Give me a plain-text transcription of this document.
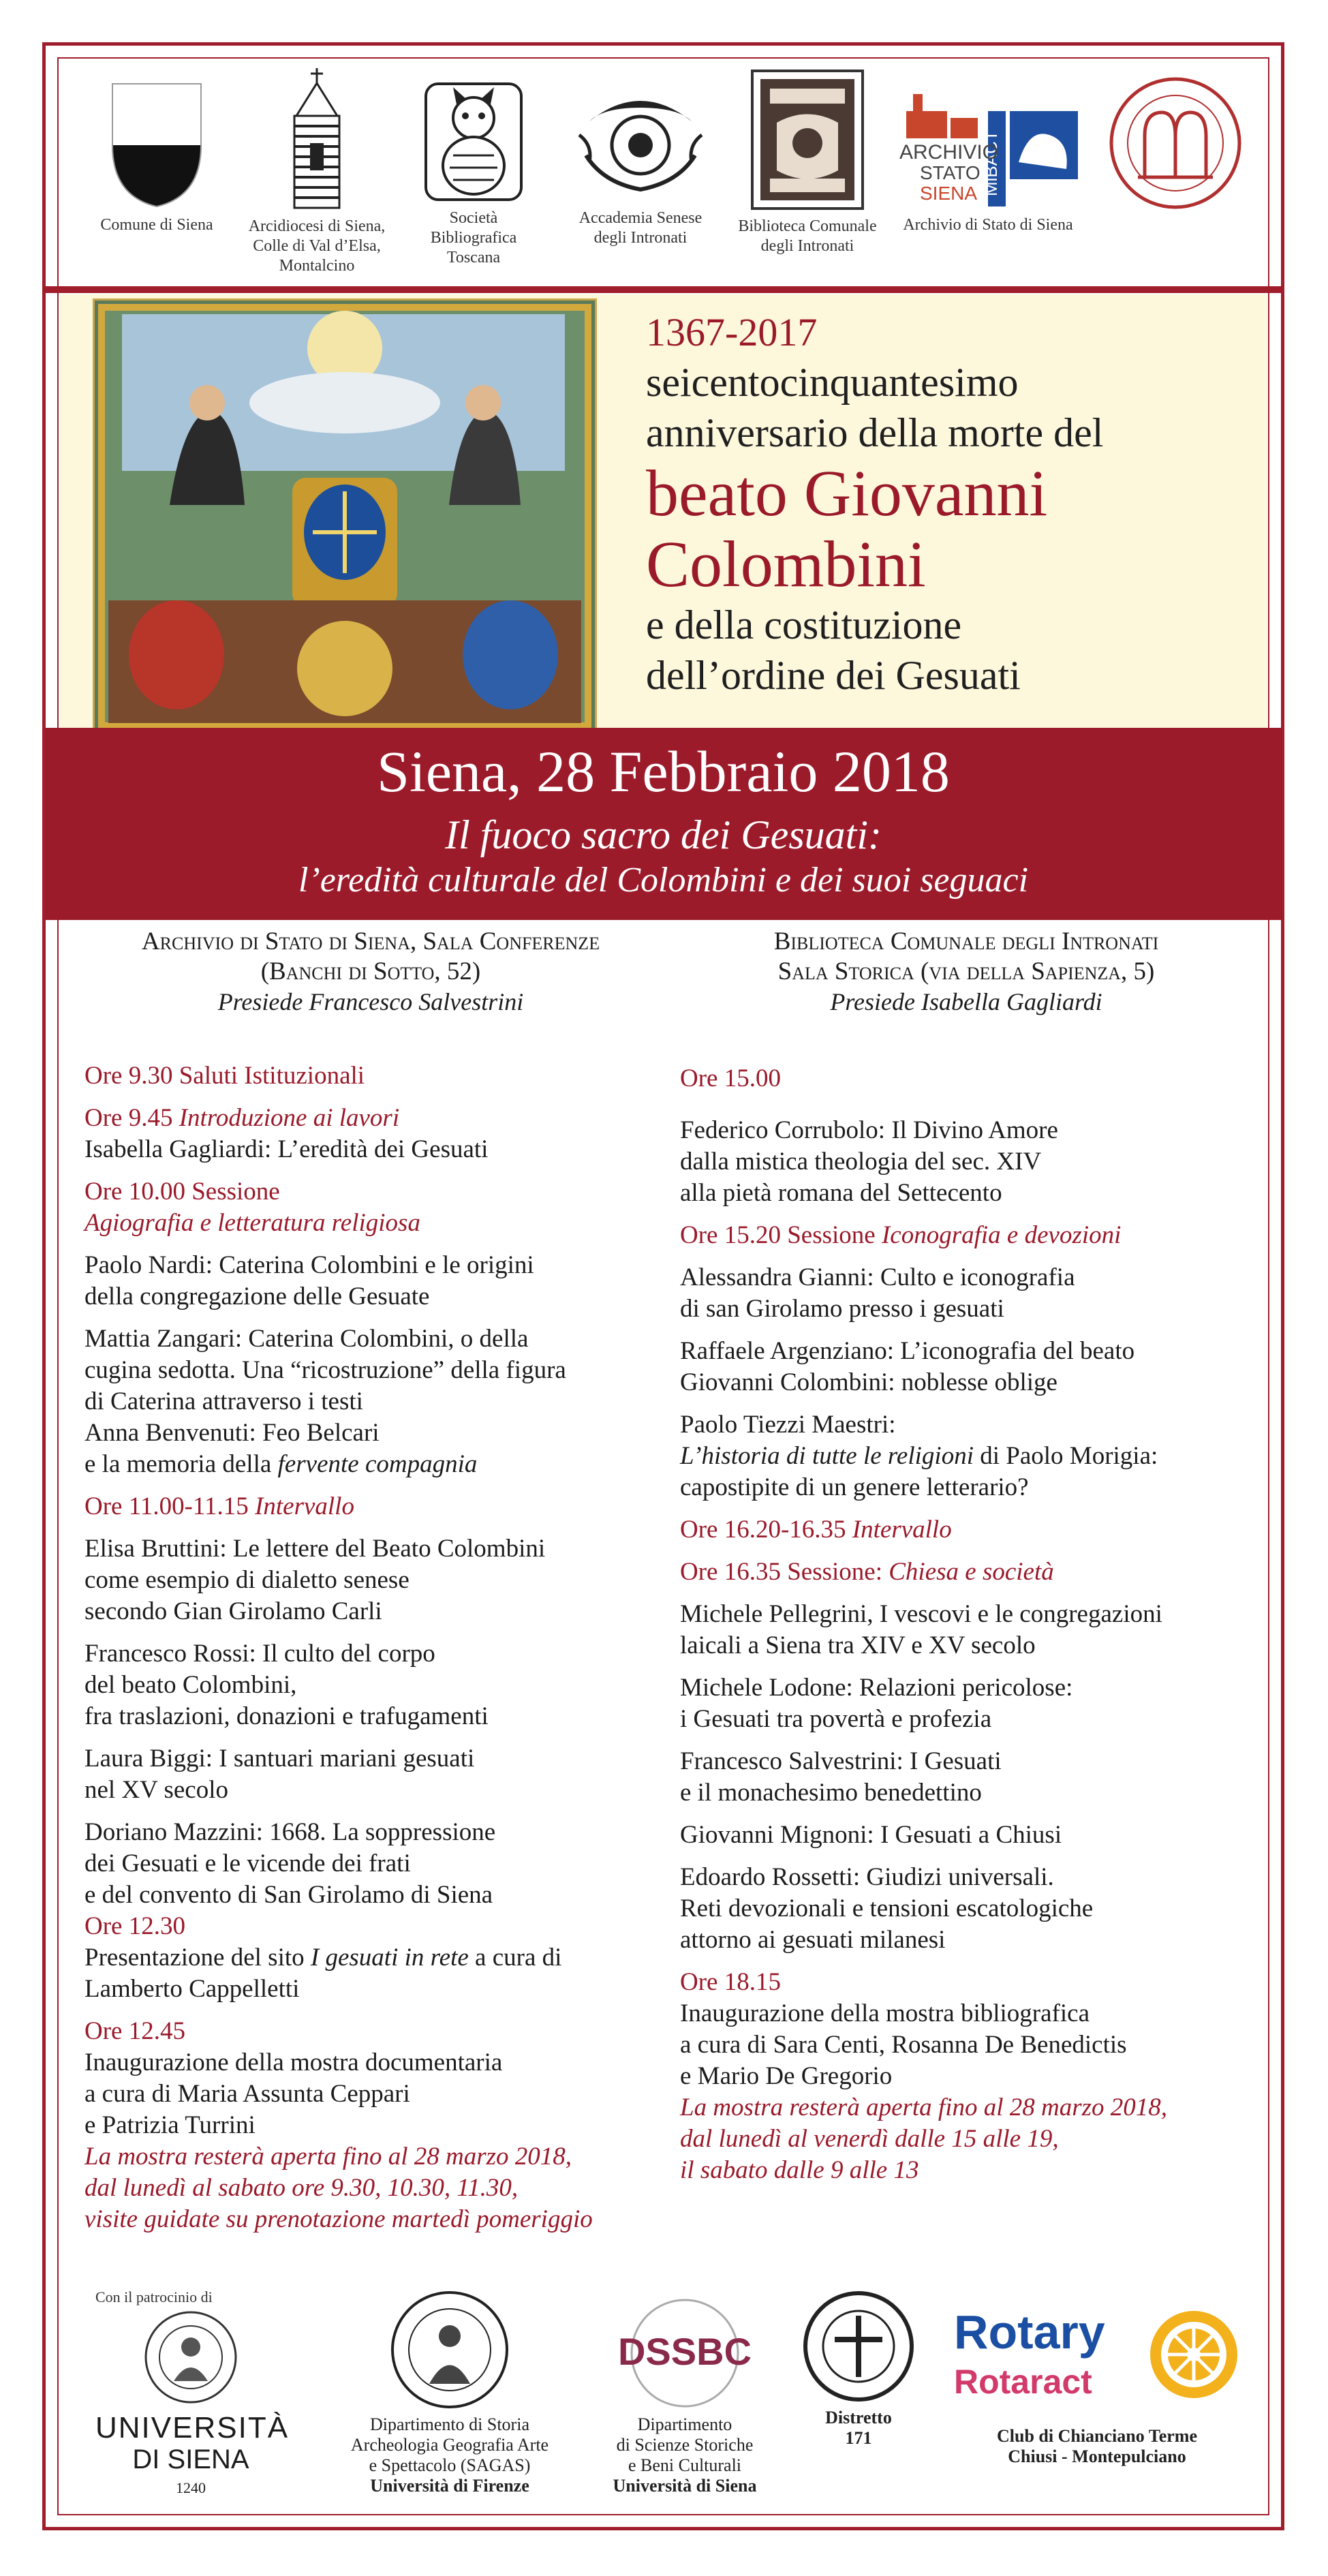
Comune di Siena	Arcidiocesi di Siena, Colle di Val d’Elsa, Montalcino
Società Bibliografica Toscana
Accademia Senese degli Intronati
Biblioteca Comunale degli Intronati
MiBACT
ARCHIVIO
STATO
SIENA
Archivio di Stato di Siena
1367-2017
seicentocinquantesimo
anniversario della morte del
beato Giovanni
Colombini
e della costituzione
dell’ordine dei Gesuati
Siena, 28 Febbraio 2018
Il fuoco sacro dei Gesuati:
l’eredità culturale del Colombini e dei suoi seguaci
Archivio di Stato di Siena, Sala Conferenze
(Banchi di Sotto, 52)
Presiede Francesco Salvestrini
Ore 9.30 Saluti Istituzionali
Ore 9.45 Introduzione ai lavori
Isabella Gagliardi: L’eredità dei Gesuati
Ore 10.00 Sessione
Agiografia e letteratura religiosa
Paolo Nardi: Caterina Colombini e le origini
della congregazione delle Gesuate
Mattia Zangari: Caterina Colombini, o della
cugina sedotta. Una “ricostruzione” della figura
di Caterina attraverso i testi
Anna Benvenuti: Feo Belcari
e la memoria della fervente compagnia
Ore 11.00-11.15 Intervallo
Elisa Bruttini: Le lettere del Beato Colombini
come esempio di dialetto senese
secondo Gian Girolamo Carli
Francesco Rossi: Il culto del corpo
del beato Colombini,
fra traslazioni, donazioni e trafugamenti
Laura Biggi: I santuari mariani gesuati
nel XV secolo
Doriano Mazzini: 1668. La soppressione
dei Gesuati e le vicende dei frati
e del convento di San Girolamo di Siena
Ore 12.30
Presentazione del sito I gesuati in rete a cura di
Lamberto Cappelletti
Ore 12.45
Inaugurazione della mostra documentaria
a cura di Maria Assunta Ceppari
e Patrizia Turrini
La mostra resterà aperta fino al 28 marzo 2018,
dal lunedì al sabato ore 9.30, 10.30, 11.30,
visite guidate su prenotazione martedì pomeriggio
Biblioteca Comunale degli Intronati
Sala Storica (via della Sapienza, 5)
Presiede Isabella Gagliardi
Ore 15.00
Federico Corrubolo: Il Divino Amore
dalla mistica theologia del sec. XIV
alla pietà romana del Settecento
Ore 15.20 Sessione Iconografia e devozioni
Alessandra Gianni: Culto e iconografia
di san Girolamo presso i gesuati
Raffaele Argenziano: L’iconografia del beato
Giovanni Colombini: noblesse oblige
Paolo Tiezzi Maestri:
L’historia di tutte le religioni di Paolo Morigia:
capostipite di un genere letterario?
Ore 16.20-16.35 Intervallo
Ore 16.35 Sessione: Chiesa e società
Michele Pellegrini, I vescovi e le congregazioni
laicali a Siena tra XIV e XV secolo
Michele Lodone: Relazioni pericolose:
i Gesuati tra povertà e profezia
Francesco Salvestrini: I Gesuati
e il monachesimo benedettino
Giovanni Mignoni: I Gesuati a Chiusi
Edoardo Rossetti: Giudizi universali.
Reti devozionali e tensioni escatologiche
attorno ai gesuati milanesi
Ore 18.15
Inaugurazione della mostra bibliografica
a cura di Sara Centi, Rosanna De Benedictis
e Mario De Gregorio
La mostra resterà aperta fino al 28 marzo 2018,
dal lunedì al venerdì dalle 15 alle 19,
il sabato dalle 9 alle 13
Con il patrocinio di
UNIVERSITÀ
DI SIENA
1240
Dipartimento di Storia
Archeologia Geografia Arte
e Spettacolo (SAGAS)
Università di Firenze
DSSBC
Dipartimento
di Scienze Storiche
e Beni Culturali
Università di Siena
Distretto
171
Rotary
Rotaract
Club di Chianciano Terme
Chiusi - Montepulciano
